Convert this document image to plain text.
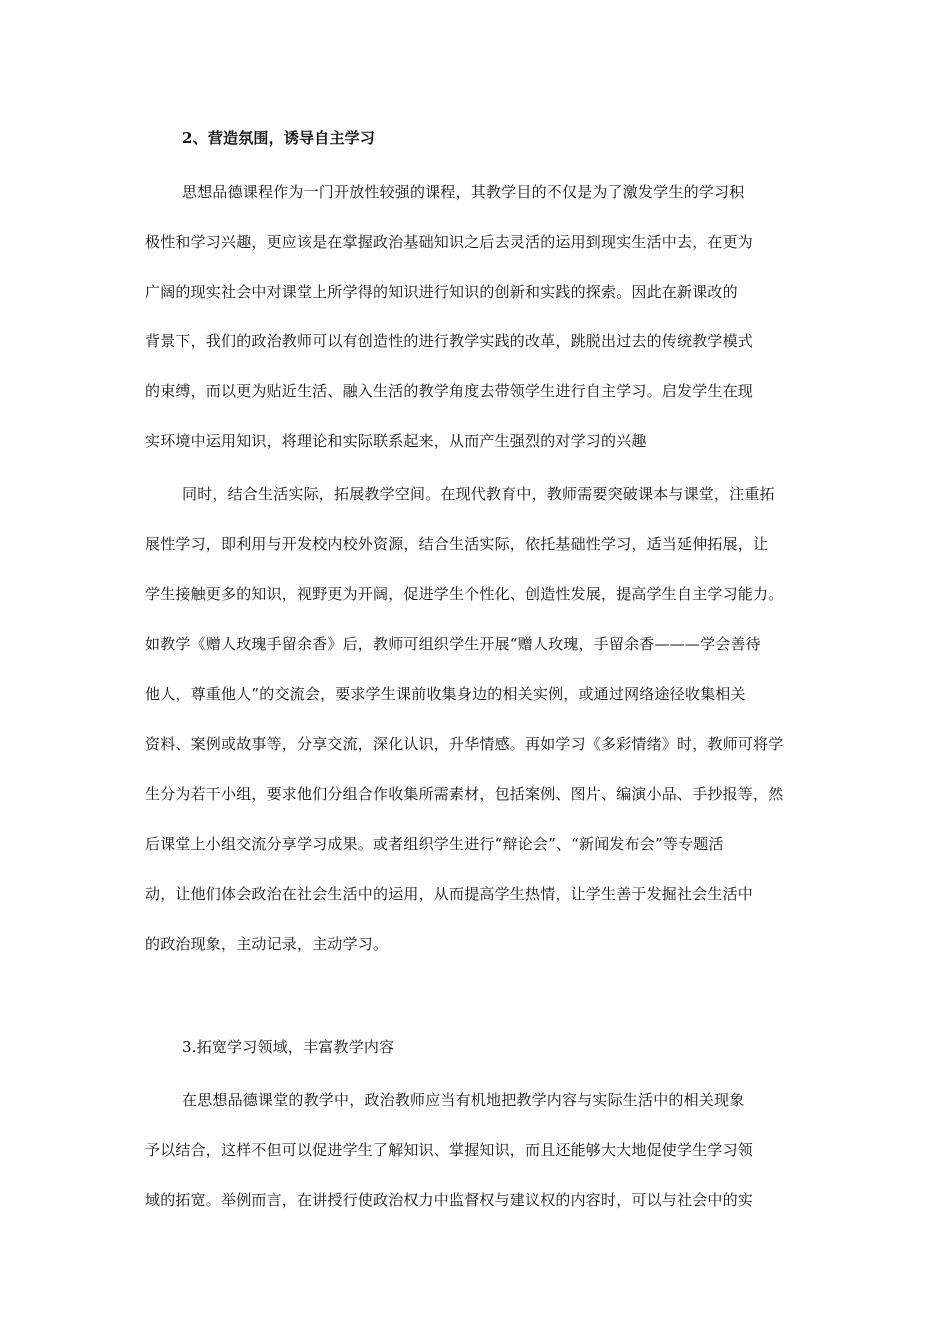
2、营造氛围，诱导自主学习
思想品德课程作为一门开放性较强的课程，其教学目的不仅是为了激发学生的学习积
极性和学习兴趣，更应该是在掌握政治基础知识之后去灵活的运用到现实生活中去，在更为
广阔的现实社会中对课堂上所学得的知识进行知识的创新和实践的探索。因此在新课改的
背景下，我们的政治教师可以有创造性的进行教学实践的改革，跳脱出过去的传统教学模式
的束缚，而以更为贴近生活、融入生活的教学角度去带领学生进行自主学习。启发学生在现
实环境中运用知识，将理论和实际联系起来，从而产生强烈的对学习的兴趣
同时，结合生活实际，拓展教学空间。在现代教育中，教师需要突破课本与课堂，注重拓
展性学习，即利用与开发校内校外资源，结合生活实际，依托基础性学习，适当延伸拓展，让
学生接触更多的知识，视野更为开阔，促进学生个性化、创造性发展，提高学生自主学习能力。
如教学《赠人玫瑰手留余香》后，教师可组织学生开展“赠人玫瑰，手留余香———学会善待
他人，尊重他人”的交流会，要求学生课前收集身边的相关实例，或通过网络途径收集相关
资料、案例或故事等，分享交流，深化认识，升华情感。再如学习《多彩情绪》时，教师可将学
生分为若干小组，要求他们分组合作收集所需素材，包括案例、图片、编演小品、手抄报等，然
后课堂上小组交流分享学习成果。或者组织学生进行“辩论会”、“新闻发布会”等专题活
动，让他们体会政治在社会生活中的运用，从而提高学生热情，让学生善于发掘社会生活中
的政治现象，主动记录，主动学习。
3.拓宽学习领域，丰富教学内容
在思想品德课堂的教学中，政治教师应当有机地把教学内容与实际生活中的相关现象
予以结合，这样不但可以促进学生了解知识、掌握知识，而且还能够大大地促使学生学习领
域的拓宽。举例而言，在讲授行使政治权力中监督权与建议权的内容时，可以与社会中的实
